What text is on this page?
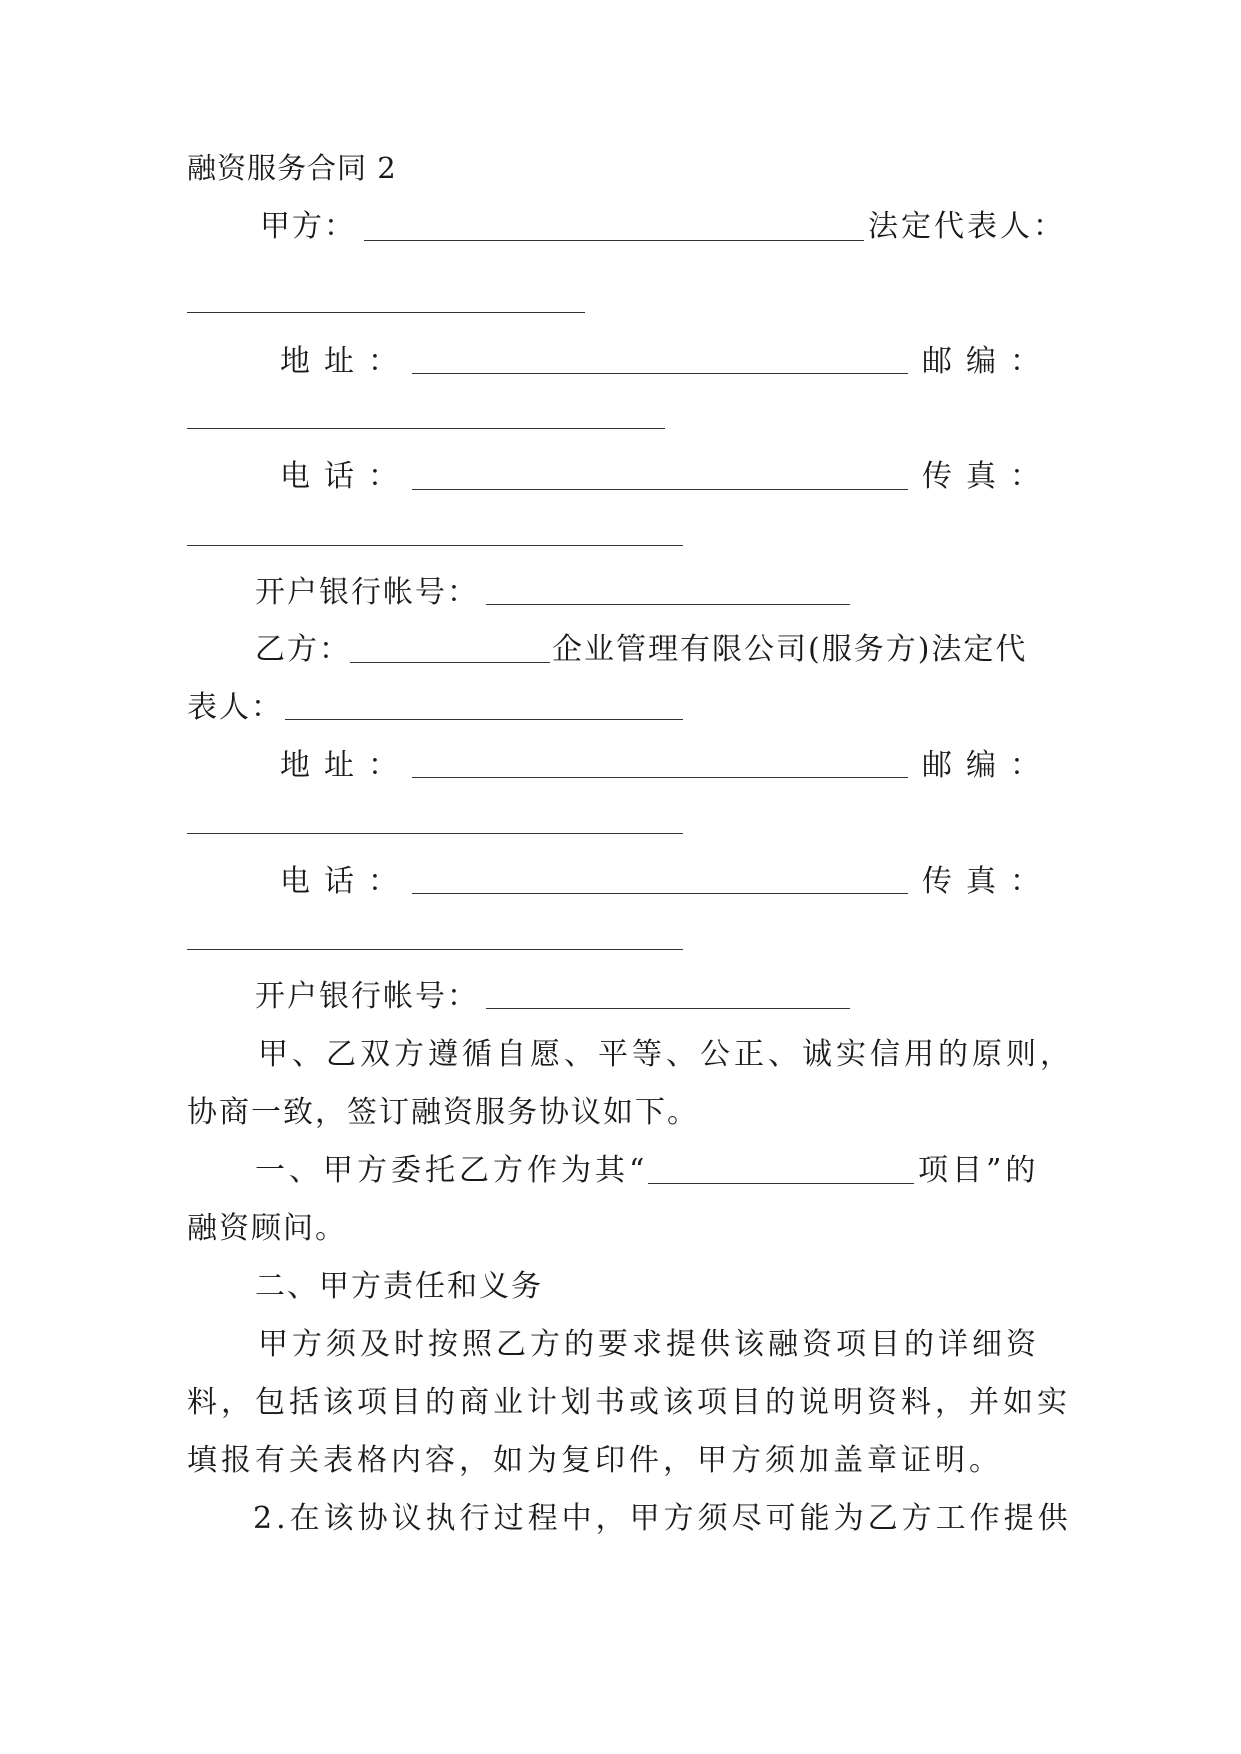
融资服务合同 2
甲方：	法定代表人：
地址：	邮编：
电话：	传真：
开户银行帐号：
乙方：	企业管理有限公司(服务方)法定代
表人：
地址：	邮编：
电话：	传真：
开户银行帐号：
甲、乙双方遵循自愿、平等、公正、诚实信用的原则，
协商一致，签订融资服务协议如下。
一、甲方委托乙方作为其“	项目”的
融资顾问。
二、甲方责任和义务
甲方须及时按照乙方的要求提供该融资项目的详细资
料，包括该项目的商业计划书或该项目的说明资料，并如实
填报有关表格内容，如为复印件，甲方须加盖章证明。
2.在该协议执行过程中，甲方须尽可能为乙方工作提供
